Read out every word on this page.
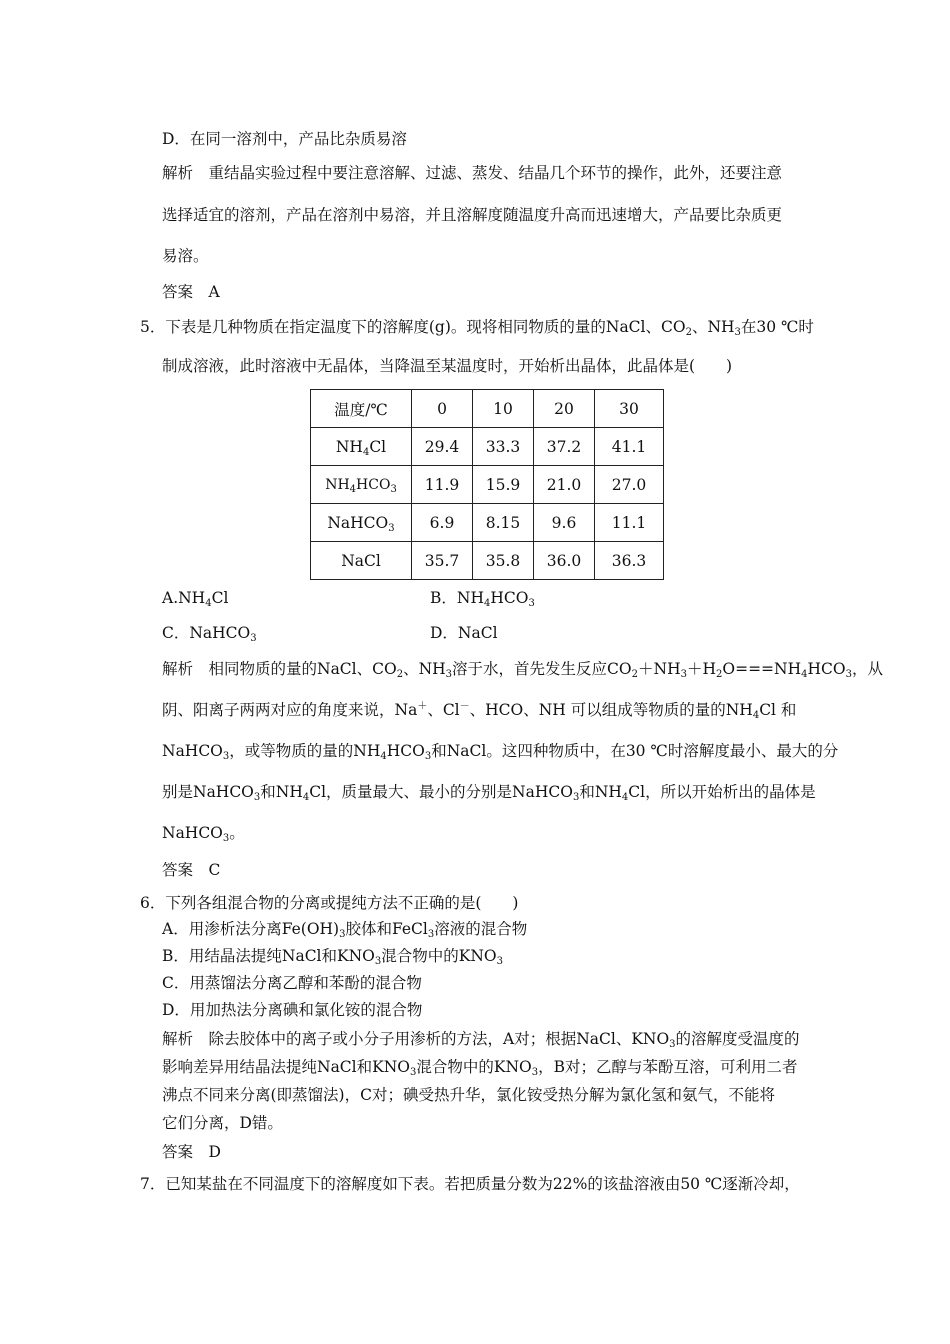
D．在同一溶剂中，产品比杂质易溶
解析　重结晶实验过程中要注意溶解、过滤、蒸发、结晶几个环节的操作，此外，还要注意
选择适宜的溶剂，产品在溶剂中易溶，并且溶解度随温度升高而迅速增大，产品要比杂质更
易溶。
答案　A
5．下表是几种物质在指定温度下的溶解度(g)。现将相同物质的量的NaCl、$CO_2$、$NH_3$在30 ℃时
制成溶液，此时溶液中无晶体，当降温至某温度时，开始析出晶体，此晶体是(　　)
温度/℃	0	10	20	30
$NH_4Cl$	29.4	33.3	37.2	41.1
$NH_4HCO_3$	11.9	15.9	21.0	27.0
NaHCO$_3$	6.9	8.15	9.6	11.1
NaCl	35.7	35.8	36.0	36.3
$A.NH_4Cl$	B．$NH_4HCO_3$
C．NaHCO$_3$	D．NaCl
解析　相同物质的量的NaCl、$CO_2$、$NH_3$溶于水，首先发生反应$CO_2+NH_3+H_2O===NH_4HCO_3$，从
阴、阳离子两两对应的角度来说，Na＋、Cl－、HCO、NH 可以组成等物质的量的$NH_4Cl$ 和
NaHCO$_3$，或等物质的量的$NH_4HCO_3$和NaCl。这四种物质中，在30 ℃时溶解度最小、最大的分
别是NaHCO$_3$和$NH_4Cl$，质量最大、最小的分别是NaHCO$_3$和$NH_4Cl$，所以开始析出的晶体是
NaHCO$_3$。
答案　C
6．下列各组混合物的分离或提纯方法不正确的是(　　)
A．用渗析法分离$Fe(OH)_3$胶体和FeCl$_3$溶液的混合物
B．用结晶法提纯NaCl和$KNO_3$混合物中的$KNO_3$
C．用蒸馏法分离乙醇和苯酚的混合物
D．用加热法分离碘和氯化铵的混合物
解析　除去胶体中的离子或小分子用渗析的方法，A对；根据NaCl、$KNO_3$的溶解度受温度的
影响差异用结晶法提纯NaCl和$KNO_3$混合物中的$KNO_3$，B对；乙醇与苯酚互溶，可利用二者
沸点不同来分离(即蒸馏法)，C对；碘受热升华，氯化铵受热分解为氯化氢和氨气，不能将
它们分离，D错。
答案　D
7．已知某盐在不同温度下的溶解度如下表。若把质量分数为22%的该盐溶液由50 ℃逐渐冷却，
